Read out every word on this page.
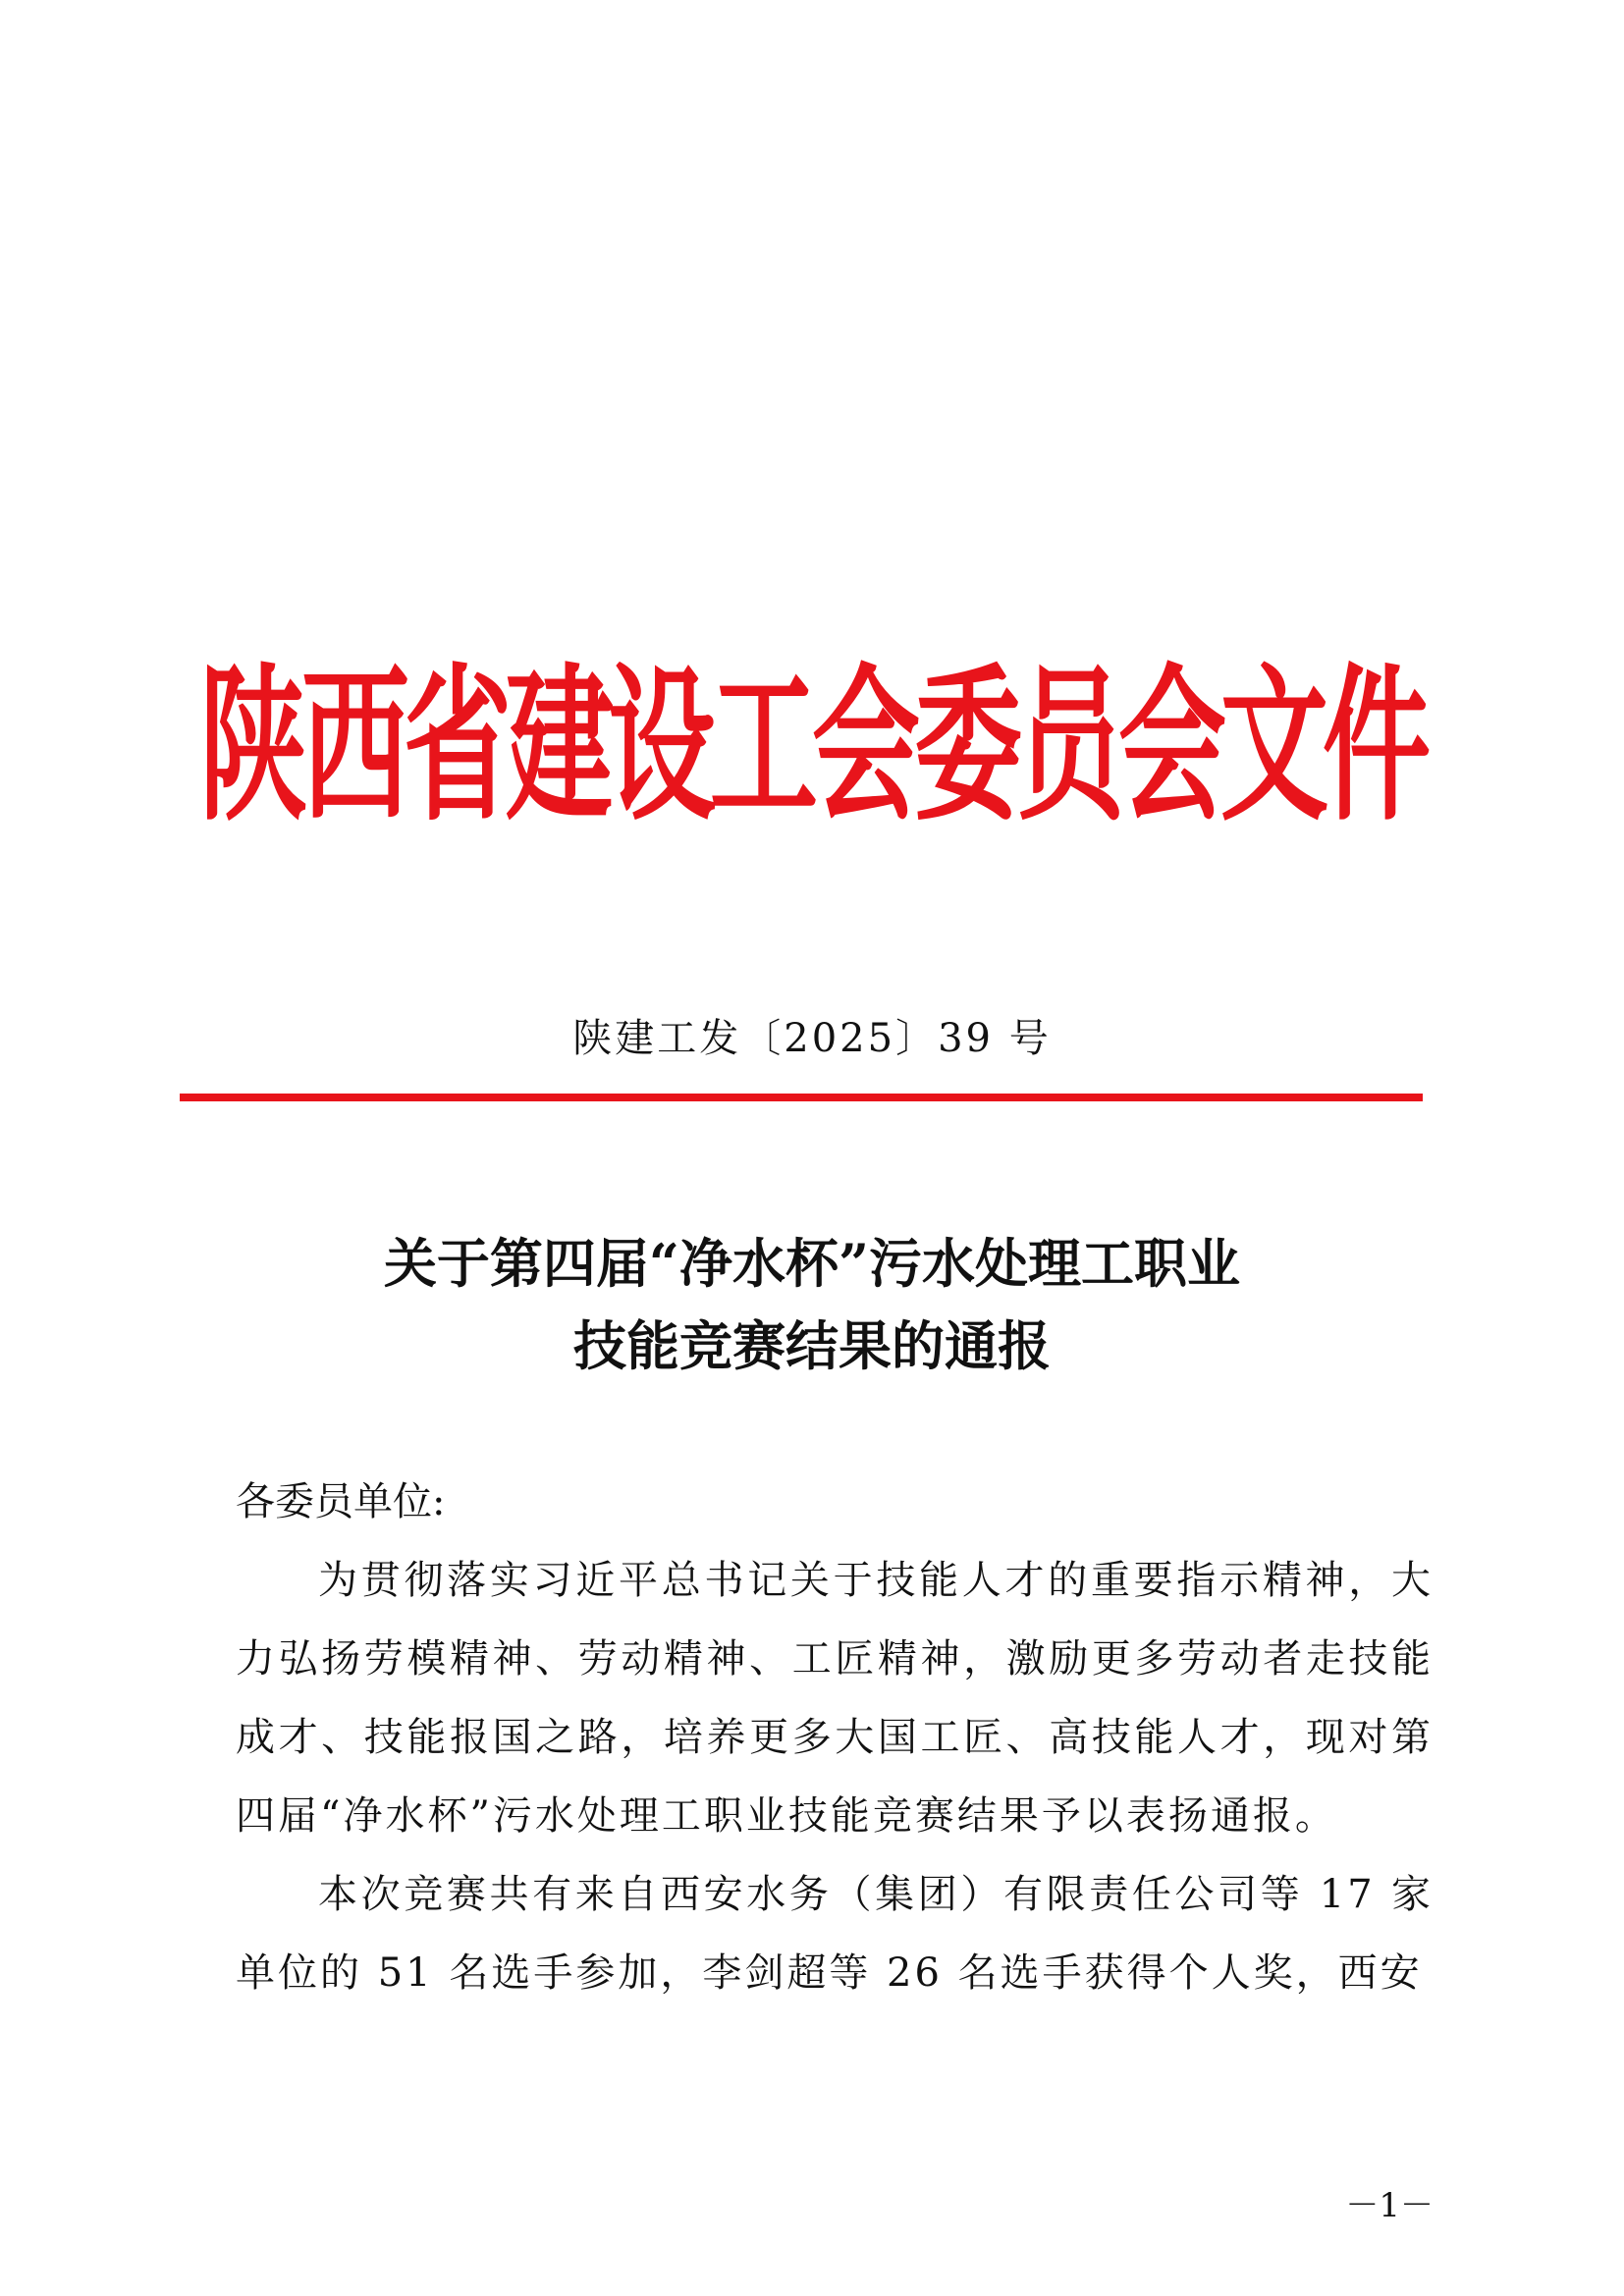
陕西省建设工会委员会文件
陕建工发〔2025〕39 号
关于第四届“净水杯”污水处理工职业
技能竞赛结果的通报

各委员单位:

为贯彻落实习近平总书记关于技能人才的重要指示精神，大力弘扬劳模精神、劳动精神、工匠精神，激励更多劳动者走技能成才、技能报国之路，培养更多大国工匠、高技能人才，现对第四届“净水杯”污水处理工职业技能竞赛结果予以表扬通报。

本次竞赛共有来自西安水务（集团）有限责任公司等 17 家单位的 51 名选手参加，李剑超等 26 名选手获得个人奖，西安

－1－
